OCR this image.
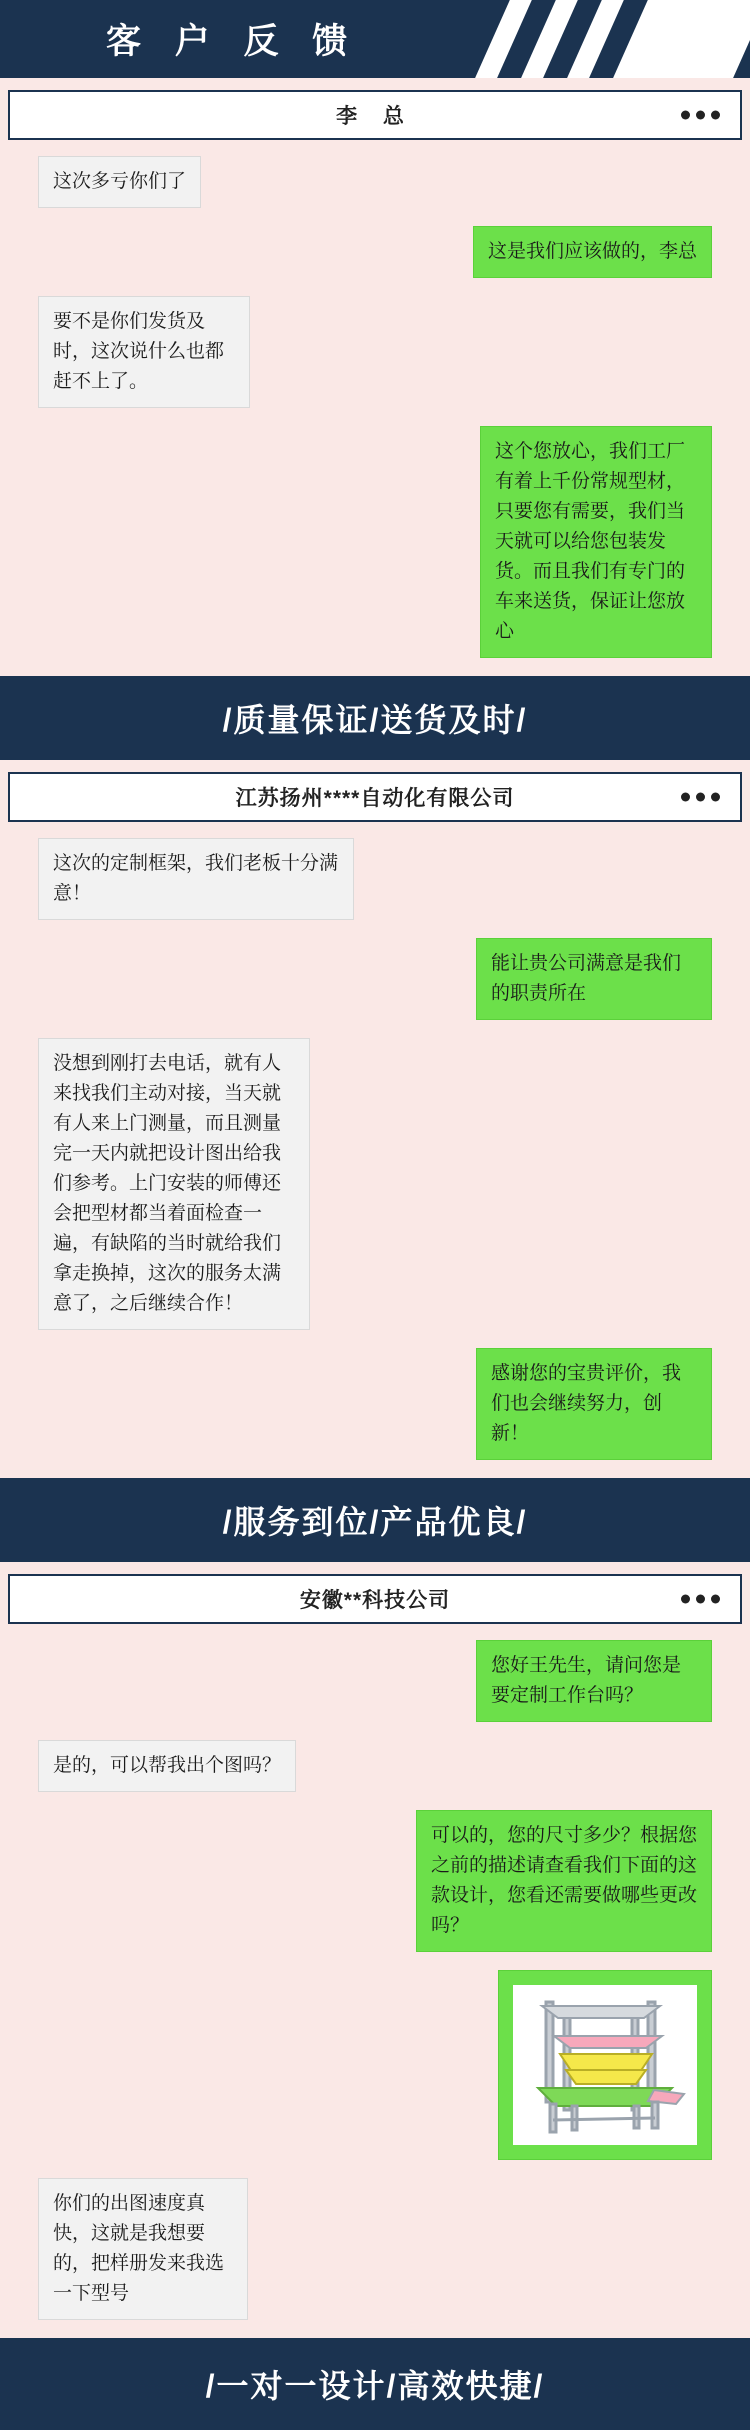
客 户 反 馈
李 总
这次多亏你们了
这是我们应该做的，李总
要不是你们发货及时，这次说什么也都赶不上了。
这个您放心，我们工厂有着上千份常规型材，只要您有需要，我们当天就可以给您包装发货。而且我们有专门的车来送货，保证让您放心
/质量保证/送货及时/
江苏扬州****自动化有限公司
这次的定制框架，我们老板十分满意！
能让贵公司满意是我们的职责所在
没想到刚打去电话，就有人来找我们主动对接，当天就有人来上门测量，而且测量完一天内就把设计图出给我们参考。上门安装的师傅还会把型材都当着面检查一遍，有缺陷的当时就给我们拿走换掉，这次的服务太满意了，之后继续合作！
感谢您的宝贵评价，我们也会继续努力，创新！
/服务到位/产品优良/
安徽**科技公司
您好王先生，请问您是要定制工作台吗？
是的，可以帮我出个图吗？
可以的，您的尺寸多少？根据您之前的描述请查看我们下面的这款设计，您看还需要做哪些更改吗？
你们的出图速度真快，这就是我想要的，把样册发来我选一下型号
/一对一设计/高效快捷/
